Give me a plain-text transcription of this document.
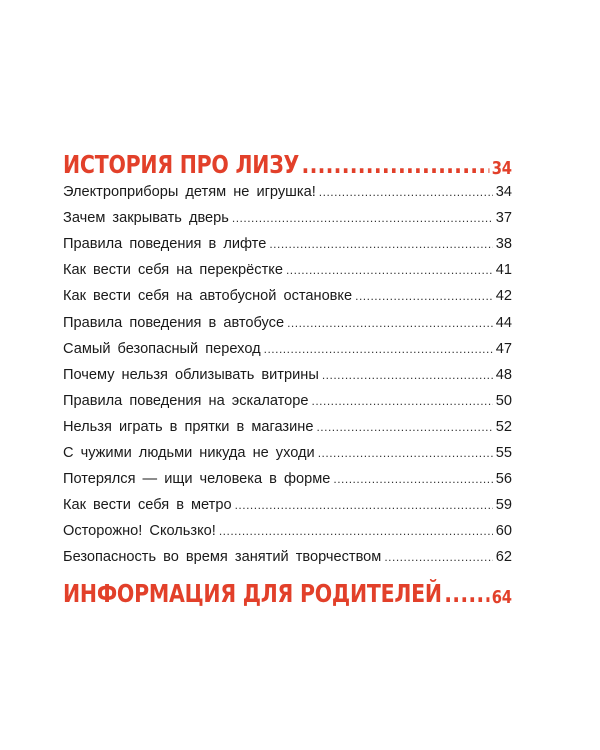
ИСТОРИЯ ПРО ЛИЗУ .....	34
Электроприборы детям не игрушка! .....	34
Зачем закрывать дверь .....	37
Правила поведения в лифте .....	38
Как вести себя на перекрёстке .....	41
Как вести себя на автобусной остановке .....	42
Правила поведения в автобусе .....	44
Самый безопасный переход .....	47
Почему нельзя облизывать витрины .....	48
Правила поведения на эскалаторе .....	50
Нельзя играть в прятки в магазине .....	52
С чужими людьми никуда не уходи .....	55
Потерялся — ищи человека в форме .....	56
Как вести себя в метро .....	59
Осторожно! Скользко! .....	60
Безопасность во время занятий творчеством .....	62
ИНФОРМАЦИЯ ДЛЯ РОДИТЕЛЕЙ .....	64
